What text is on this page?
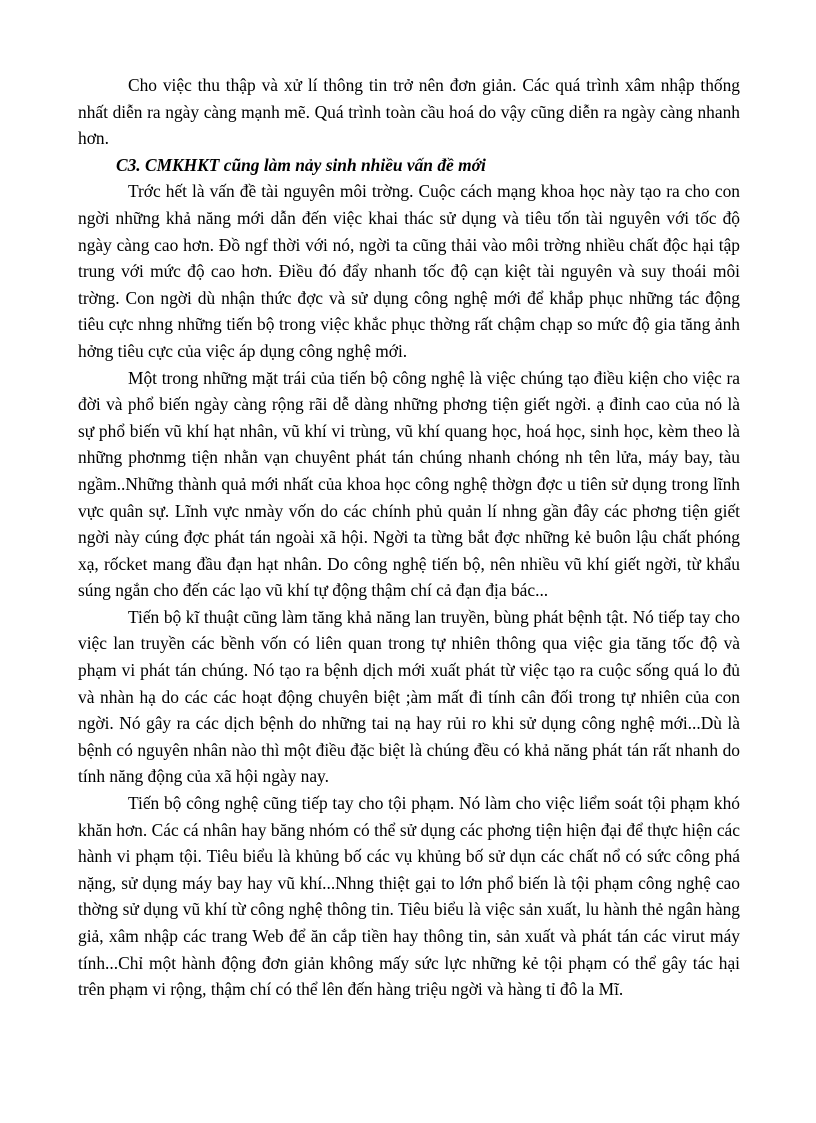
Cho việc thu thập và xử lí thông tin trở nên đơn giản. Các quá trình xâm nhập thống nhất diễn ra ngày càng mạnh mẽ. Quá trình toàn cầu hoá do vậy cũng diễn ra ngày càng nhanh hơn.

C3. CMKHKT cũng làm nảy sinh nhiều vấn đề mới

Trớc hết là vấn đề tài nguyên môi trờng. Cuộc cách mạng khoa học này tạo ra cho con ngời những khả năng mới dẫn đến việc khai thác sử dụng và tiêu tốn tài nguyên với tốc độ ngày càng cao hơn. Đồ ngf thời với nó, ngời ta cũng thải vào môi trờng nhiều chất độc hại tập trung với mức độ cao hơn. Điều đó đẩy nhanh tốc độ cạn kiệt tài nguyên và suy thoái môi trờng. Con ngời dù nhận thức đợc và sử dụng công nghệ mới để khắp phục những tác động tiêu cực nhng những tiến bộ trong việc khắc phục thờng rất chậm chạp so mức độ gia tăng ảnh hởng tiêu cực của việc áp dụng công nghệ mới.

Một trong những mặt trái của tiến bộ công nghệ là việc chúng tạo điều kiện cho việc ra đời và phổ biến ngày càng rộng rãi dễ dàng những phơng tiện giết ngời. ạ đỉnh cao của nó là sự phổ biến vũ khí hạt nhân, vũ khí vi trùng, vũ khí quang học, hoá học, sinh học, kèm theo là những phơnmg tiện nhằn vạn chuyênt phát tán chúng nhanh chóng nh tên lửa, máy bay, tàu ngầm..Những thành quả mới nhất của khoa học công nghệ thờgn đợc u tiên sử dụng trong lĩnh vực quân sự. Lĩnh vực nmày vốn do các chính phủ quản lí nhng gần đây các phơng tiện giết ngời này cúng đợc phát tán ngoài xã hội. Ngời ta từng bắt đợc những kẻ buôn lậu chất phóng xạ, rốcket mang đầu đạn hạt nhân. Do công nghệ tiến bộ, nên nhiều vũ khí giết ngời, từ khẩu súng ngắn cho đến các lạo vũ khí tự động thậm chí cả đạn địa bác...

Tiến bộ kĩ thuật cũng làm tăng khả năng lan truyền, bùng phát bệnh tật. Nó tiếp tay cho việc lan truyền các bềnh vốn có liên quan trong tự nhiên thông qua việc gia tăng tốc độ và phạm vi phát tán chúng. Nó tạo ra bệnh dịch mới xuất phát từ việc tạo ra cuộc sống quá lo đủ và nhàn hạ do các các hoạt động chuyên biệt ;àm mất đi tính cân đối trong tự nhiên của con ngời. Nó gây ra các dịch bệnh do những tai nạ hay rủi ro khi sử dụng công nghệ mới...Dù là bệnh có nguyên nhân nào thì một điều đặc biệt là chúng đều có khả năng phát tán rất nhanh do tính năng động của xã hội ngày nay.

Tiến bộ công nghệ cũng tiếp tay cho tội phạm. Nó làm cho việc liểm soát tội phạm khó khăn hơn. Các cá nhân hay băng nhóm có thể sử dụng các phơng tiện hiện đại để thực hiện các hành vi phạm tội. Tiêu biểu là khủng bố các vụ khủng bố sử dụn các chất nổ có sức công phá nặng, sử dụng máy bay hay vũ khí...Nhng thiệt gại to lớn phổ biến là tội phạm công nghệ cao thờng sử dụng vũ khí từ công nghệ thông tin. Tiêu biểu là việc sản xuất, lu hành thẻ ngân hàng giả, xâm nhập các trang Web để ăn cắp tiền hay thông tin, sản xuất và phát tán các virut máy tính...Chỉ một hành động đơn giản không mấy sức lực những kẻ tội phạm có thể gây tác hại trên phạm vi rộng, thậm chí có thể lên đến hàng triệu ngời và hàng tỉ đô la Mĩ.
